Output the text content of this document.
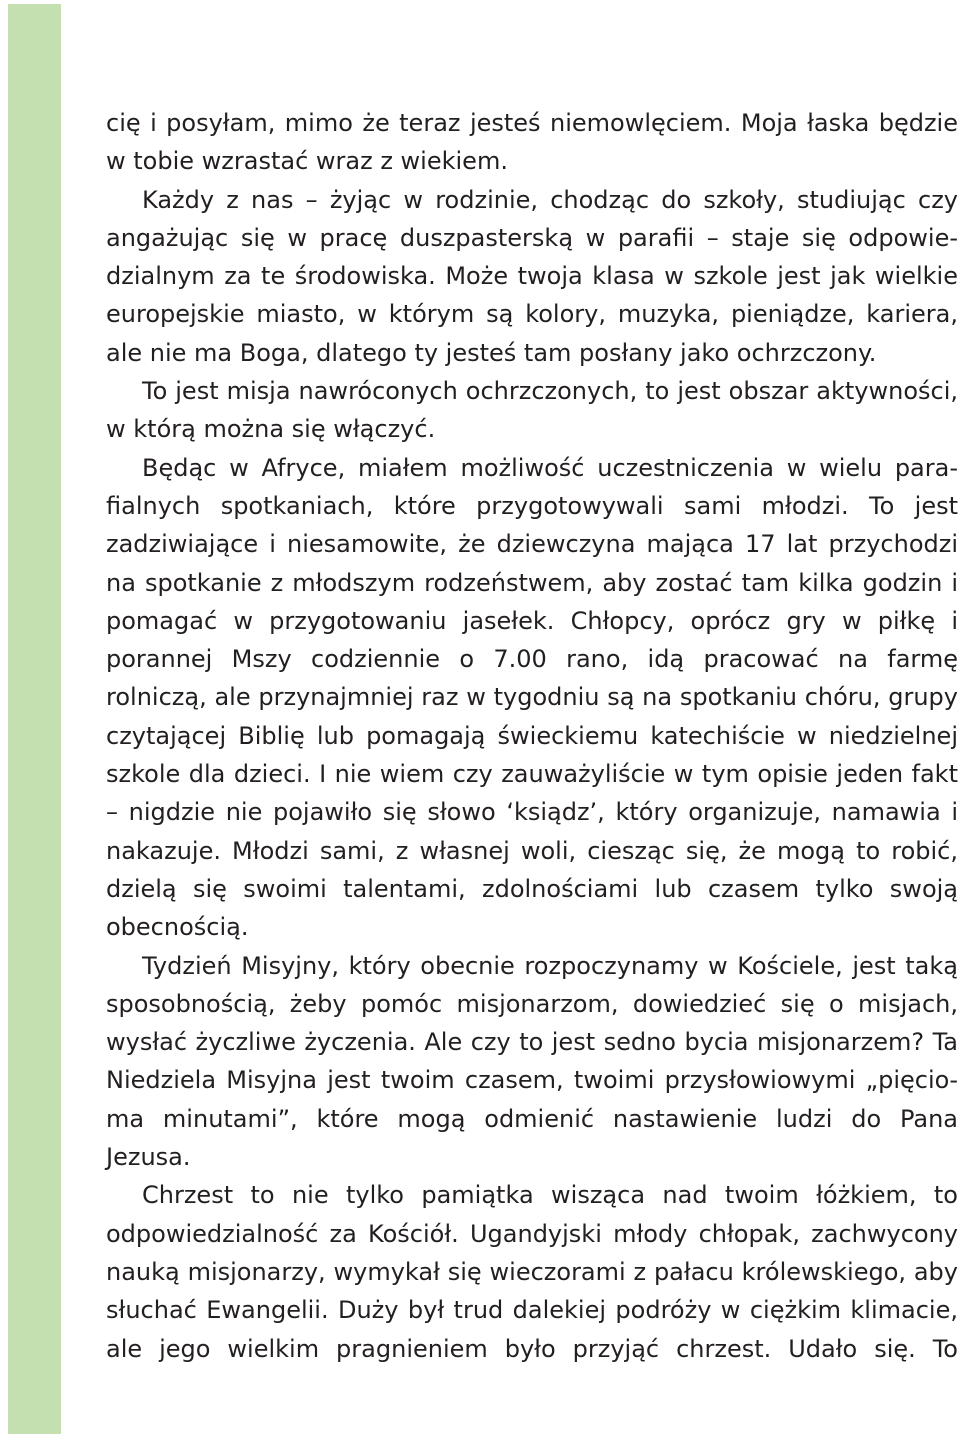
cię i posyłam, mimo że teraz jesteś niemowlęciem. Moja łaska będzie w tobie wzrastać wraz z wiekiem.

Każdy z nas – żyjąc w rodzinie, chodząc do szkoły, studiując czy angażując się w pracę duszpasterską w parafii – staje się odpowiedzialnym za te środowiska. Może twoja klasa w szkole jest jak wielkie europejskie miasto, w którym są kolory, muzyka, pieniądze, kariera, ale nie ma Boga, dlatego ty jesteś tam posłany jako ochrzczony.

To jest misja nawróconych ochrzczonych, to jest obszar aktywności, w którą można się włączyć.

Będąc w Afryce, miałem możliwość uczestniczenia w wielu parafialnych spotkaniach, które przygotowywali sami młodzi. To jest zadziwiające i niesamowite, że dziewczyna mająca 17 lat przychodzi na spotkanie z młodszym rodzeństwem, aby zostać tam kilka godzin i pomagać w przygotowaniu jasełek. Chłopcy, oprócz gry w piłkę i porannej Mszy codziennie o 7.00 rano, idą pracować na farmę rolniczą, ale przynajmniej raz w tygodniu są na spotkaniu chóru, grupy czytającej Biblię lub pomagają świeckiemu katechiście w niedzielnej szkole dla dzieci. I nie wiem czy zauważyliście w tym opisie jeden fakt – nigdzie nie pojawiło się słowo ‘ksiądz’, który organizuje, namawia i nakazuje. Młodzi sami, z własnej woli, ciesząc się, że mogą to robić, dzielą się swoimi talentami, zdolnościami lub czasem tylko swoją obecnością.

Tydzień Misyjny, który obecnie rozpoczynamy w Kościele, jest taką sposobnością, żeby pomóc misjonarzom, dowiedzieć się o misjach, wysłać życzliwe życzenia. Ale czy to jest sedno bycia misjonarzem? Ta Niedziela Misyjna jest twoim czasem, twoimi przysłowiowymi „pięcioma minutami”, które mogą odmienić nastawienie ludzi do Pana Jezusa.

Chrzest to nie tylko pamiątka wisząca nad twoim łóżkiem, to odpowiedzialność za Kościół. Ugandyjski młody chłopak, zachwycony nauką misjonarzy, wymykał się wieczorami z pałacu królewskiego, aby słuchać Ewangelii. Duży był trud dalekiej podróży w ciężkim klimacie, ale jego wielkim pragnieniem było przyjąć chrzest. Udało się. To
